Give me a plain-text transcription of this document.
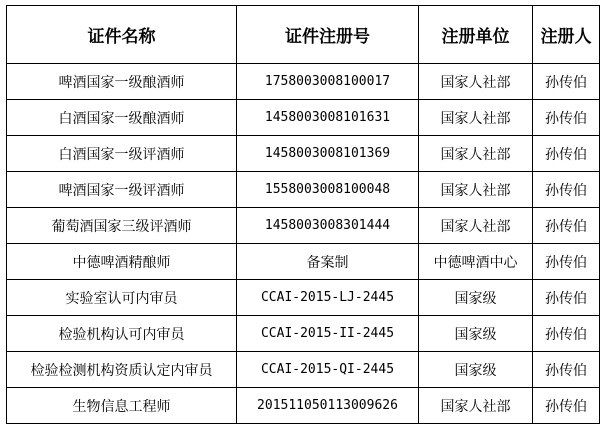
证件名称	证件注册号	注册单位	注册人
啤酒国家一级酿酒师	1758003008100017	国家人社部	孙传伯
白酒国家一级酿酒师	1458003008101631	国家人社部	孙传伯
白酒国家一级评酒师	1458003008101369	国家人社部	孙传伯
啤酒国家一级评酒师	1558003008100048	国家人社部	孙传伯
葡萄酒国家三级评酒师	1458003008301444	国家人社部	孙传伯
中德啤酒精酿师	备案制	中德啤酒中心	孙传伯
实验室认可内审员	CCAI-2015-LJ-2445	国家级	孙传伯
检验机构认可内审员	CCAI-2015-II-2445	国家级	孙传伯
检验检测机构资质认定内审员	CCAI-2015-QI-2445	国家级	孙传伯
生物信息工程师	201511050113009626	国家人社部	孙传伯
